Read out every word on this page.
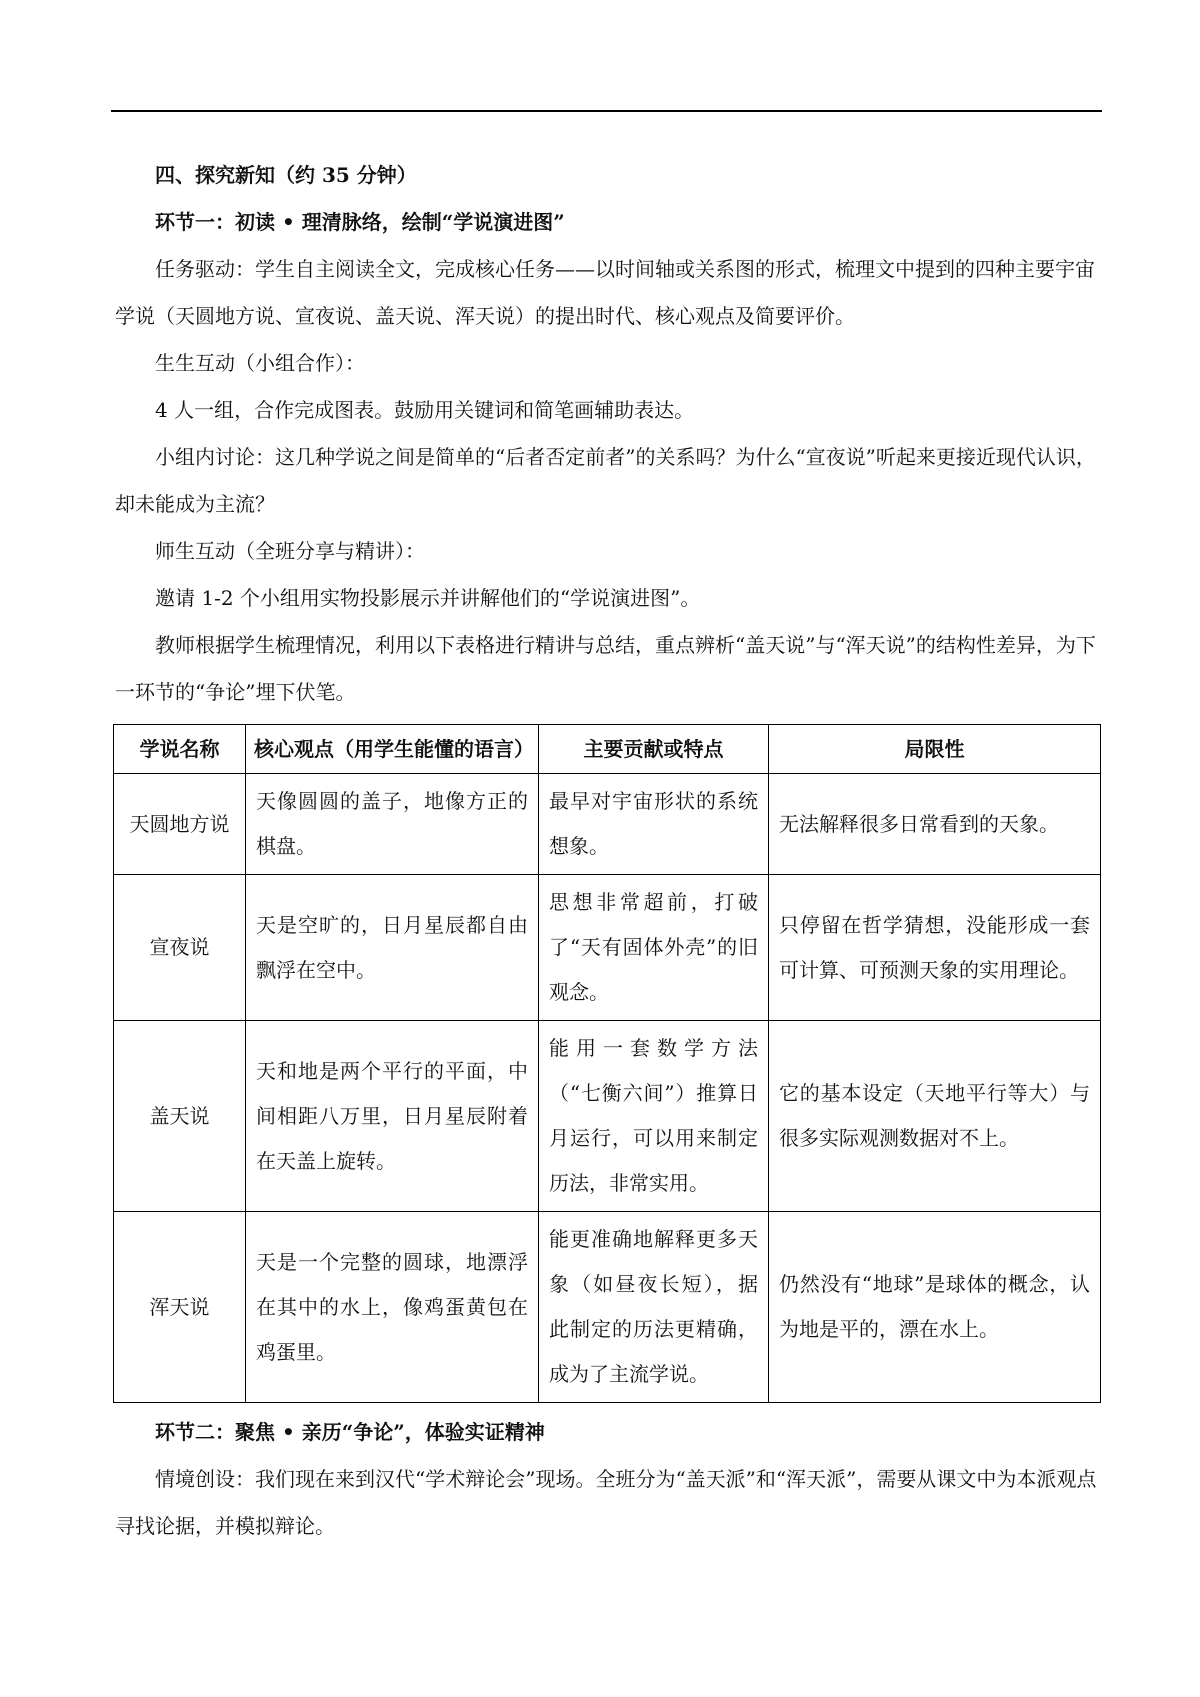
四、探究新知（约 35 分钟）

环节一：初读 • 理清脉络，绘制“学说演进图”

任务驱动：学生自主阅读全文，完成核心任务——以时间轴或关系图的形式，梳理文中提到的四种主要宇宙学说（天圆地方说、宣夜说、盖天说、浑天说）的提出时代、核心观点及简要评价。

生生互动（小组合作）：

4 人一组，合作完成图表。鼓励用关键词和简笔画辅助表达。

小组内讨论：这几种学说之间是简单的“后者否定前者”的关系吗？为什么“宣夜说”听起来更接近现代认识，却未能成为主流？

师生互动（全班分享与精讲）：

邀请 1-2 个小组用实物投影展示并讲解他们的“学说演进图”。

教师根据学生梳理情况，利用以下表格进行精讲与总结，重点辨析“盖天说”与“浑天说”的结构性差异，为下一环节的“争论”埋下伏笔。

学说名称	核心观点（用学生能懂的语言）	主要贡献或特点	局限性
天圆地方说	天像圆圆的盖子，地像方正的棋盘。	最早对宇宙形状的系统想象。	无法解释很多日常看到的天象。
宣夜说	天是空旷的，日月星辰都自由飘浮在空中。	思想非常超前，打破了“天有固体外壳”的旧观念。	只停留在哲学猜想，没能形成一套可计算、可预测天象的实用理论。
盖天说	天和地是两个平行的平面，中间相距八万里，日月星辰附着在天盖上旋转。	能用一套数学方法（“七衡六间”）推算日月运行，可以用来制定历法，非常实用。	它的基本设定（天地平行等大）与很多实际观测数据对不上。
浑天说	天是一个完整的圆球，地漂浮在其中的水上，像鸡蛋黄包在鸡蛋里。	能更准确地解释更多天象（如昼夜长短），据此制定的历法更精确，成为了主流学说。	仍然没有“地球”是球体的概念，认为地是平的，漂在水上。

环节二：聚焦 • 亲历“争论”，体验实证精神

情境创设：我们现在来到汉代“学术辩论会”现场。全班分为“盖天派”和“浑天派”，需要从课文中为本派观点寻找论据，并模拟辩论。
